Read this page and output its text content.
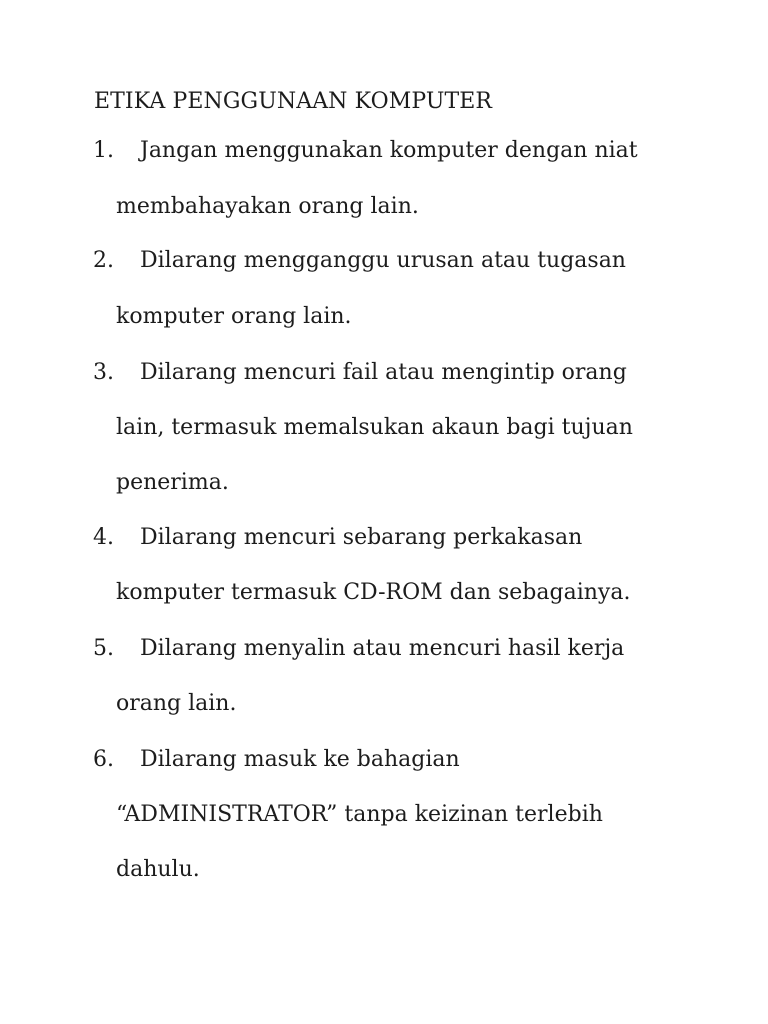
ETIKA PENGGUNAAN KOMPUTER
1. Jangan menggunakan komputer dengan niat
membahayakan orang lain.
2. Dilarang mengganggu urusan atau tugasan
komputer orang lain.
3. Dilarang mencuri fail atau mengintip orang
lain, termasuk memalsukan akaun bagi tujuan
penerima.
4. Dilarang mencuri sebarang perkakasan
komputer termasuk CD-ROM dan sebagainya.
5. Dilarang menyalin atau mencuri hasil kerja
orang lain.
6. Dilarang masuk ke bahagian
“ADMINISTRATOR” tanpa keizinan terlebih
dahulu.
